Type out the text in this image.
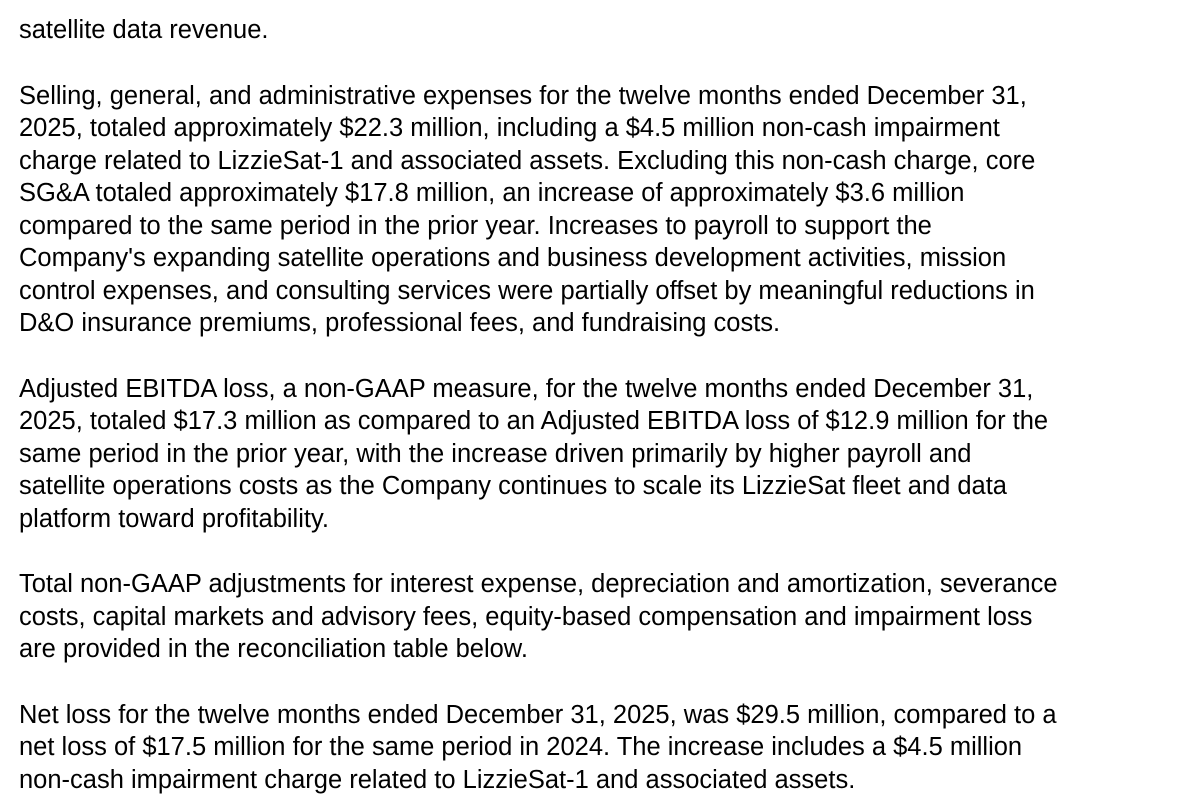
satellite data revenue.

Selling, general, and administrative expenses for the twelve months ended December 31,
2025, totaled approximately $22.3 million, including a $4.5 million non-cash impairment
charge related to LizzieSat-1 and associated assets. Excluding this non-cash charge, core
SG&A totaled approximately $17.8 million, an increase of approximately $3.6 million
compared to the same period in the prior year. Increases to payroll to support the
Company's expanding satellite operations and business development activities, mission
control expenses, and consulting services were partially offset by meaningful reductions in
D&O insurance premiums, professional fees, and fundraising costs.

Adjusted EBITDA loss, a non-GAAP measure, for the twelve months ended December 31,
2025, totaled $17.3 million as compared to an Adjusted EBITDA loss of $12.9 million for the
same period in the prior year, with the increase driven primarily by higher payroll and
satellite operations costs as the Company continues to scale its LizzieSat fleet and data
platform toward profitability.

Total non-GAAP adjustments for interest expense, depreciation and amortization, severance
costs, capital markets and advisory fees, equity-based compensation and impairment loss
are provided in the reconciliation table below.

Net loss for the twelve months ended December 31, 2025, was $29.5 million, compared to a
net loss of $17.5 million for the same period in 2024. The increase includes a $4.5 million
non-cash impairment charge related to LizzieSat-1 and associated assets.
